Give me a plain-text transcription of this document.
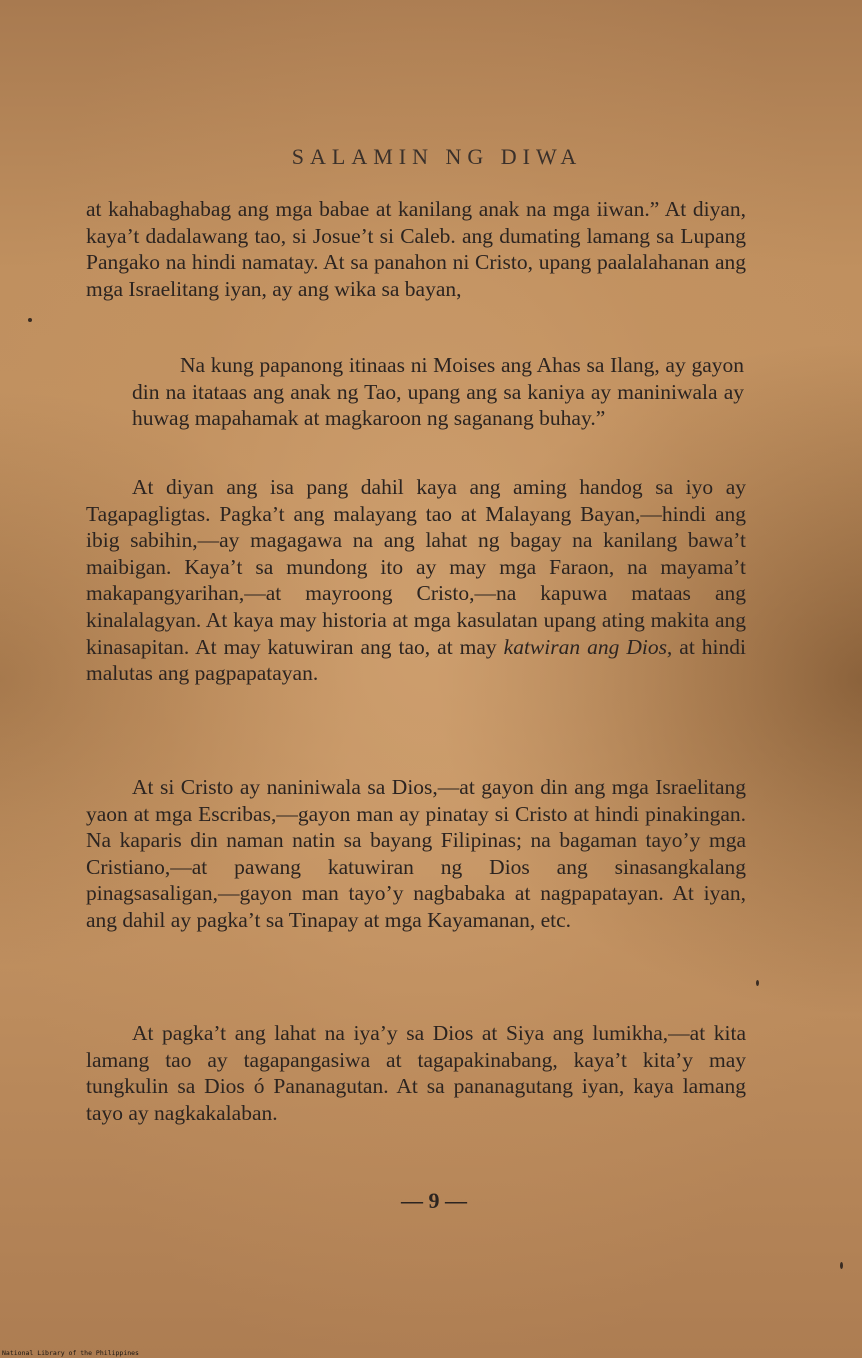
SALAMIN NG DIWA

at kahabaghabag ang mga babae at kanilang anak na mga iiwan.” At diyan, kaya’t dadalawang tao, si Josue’t si Caleb. ang dumating lamang sa Lupang Pangako na hindi namatay. At sa panahon ni Cristo, upang paalalahanan ang mga Israelitang iyan, ay ang wika sa bayan,

Na kung papanong itinaas ni Moises ang Ahas sa Ilang, ay gayon din na itataas ang anak ng Tao, upang ang sa kaniya ay maniniwala ay huwag mapahamak at magkaroon ng saganang buhay.”

At diyan ang isa pang dahil kaya ang aming handog sa iyo ay Tagapagligtas. Pagka’t ang malayang tao at Malayang Bayan,—hindi ang ibig sabihin,—ay magagawa na ang lahat ng bagay na kanilang bawa’t maibigan. Kaya’t sa mundong ito ay may mga Faraon, na mayama’t makapangyarihan,—at mayroong Cristo,—na kapuwa mataas ang kinalalagyan. At kaya may historia at mga kasulatan upang ating makita ang kinasapitan. At may katuwiran ang tao, at may katwiran ang Dios, at hindi malutas ang pagpapatayan.

At si Cristo ay naniniwala sa Dios,—at gayon din ang mga Israelitang yaon at mga Escribas,—gayon man ay pinatay si Cristo at hindi pinakingan. Na kaparis din naman natin sa bayang Filipinas; na bagaman tayo’y mga Cristiano,—at pawang katuwiran ng Dios ang sinasangkalang pinagsasaligan,—gayon man tayo’y nagbabaka at nagpapatayan. At iyan, ang dahil ay pagka’t sa Tinapay at mga Kayamanan, etc.

At pagka’t ang lahat na iya’y sa Dios at Siya ang lumikha,—at kita lamang tao ay tagapangasiwa at tagapakinabang, kaya’t kita’y may tungkulin sa Dios ó Pananagutan. At sa pananagutang iyan, kaya lamang tayo ay nagkakalaban.

— 9 —
National Library of the Philippines
